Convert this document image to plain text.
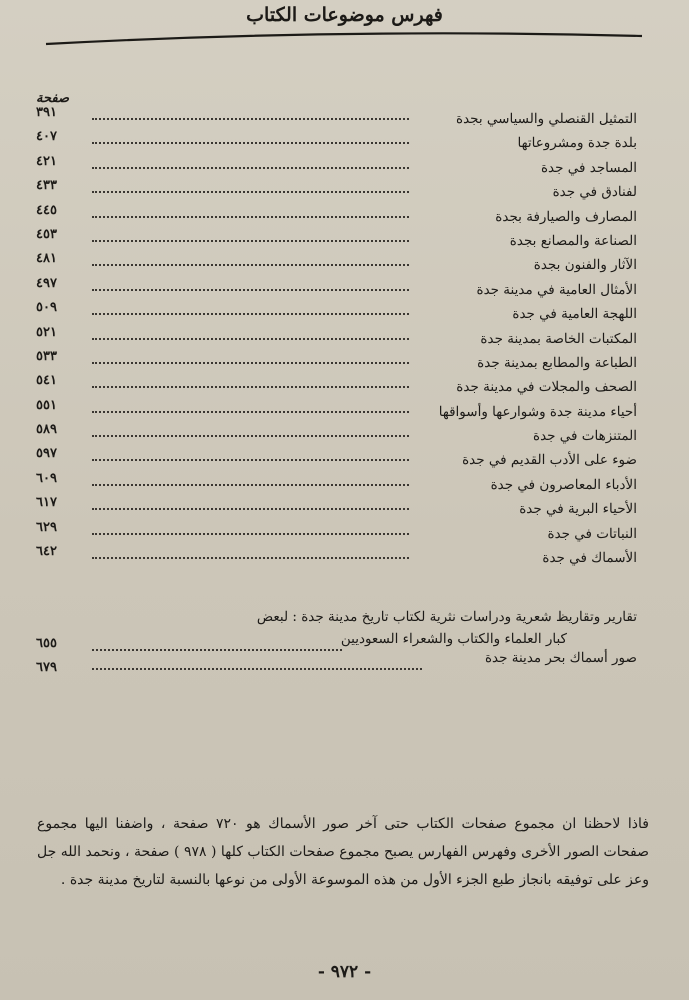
فهرس موضوعات الكتاب
صفحة
التمثيل القنصلي والسياسي بجدة
٣٩١
بلدة جدة ومشروعاتها
٤٠٧
المساجد في جدة
٤٢١
لفنادق في جدة
٤٣٣
المصارف والصيارفة بجدة
٤٤٥
الصناعة والمصانع بجدة
٤٥٣
الآثار والفنون بجدة
٤٨١
الأمثال العامية في مدينة جدة
٤٩٧
اللهجة العامية في جدة
٥٠٩
المكتبات الخاصة بمدينة جدة
٥٢١
الطباعة والمطابع بمدينة جدة
٥٣٣
الصحف والمجلات في مدينة جدة
٥٤١
أحياء مدينة جدة وشوارعها وأسواقها
٥٥١
المتنزهات في جدة
٥٨٩
ضوء على الأدب القديم في جدة
٥٩٧
الأدباء المعاصرون في جدة
٦٠٩
الأحياء البرية في جدة
٦١٧
النباتات في جدة
٦٢٩
الأسماك في جدة
٦٤٢
تقارير وتقاريظ شعرية ودراسات نثرية لكتاب تاريخ مدينة جدة : لبعض
كبار العلماء والكتاب والشعراء السعوديين
٦٥٥
صور أسماك بحر مدينة جدة
٦٧٩
فاذا لاحظنا ان مجموع صفحات الكتاب حتى آخر صور الأسماك هو ٧٢٠ صفحة ، واضفنا اليها مجموع صفحات الصور الأخرى وفهرس الفهارس يصبح مجموع صفحات الكتاب كلها ( ٩٧٨ ) صفحة ، ونحمد الله جل وعز على توفيقه بانجاز طبع الجزء الأول من هذه الموسوعة الأولى من نوعها بالنسبة لتاريخ مدينة جدة .
- ٩٧٢ -
